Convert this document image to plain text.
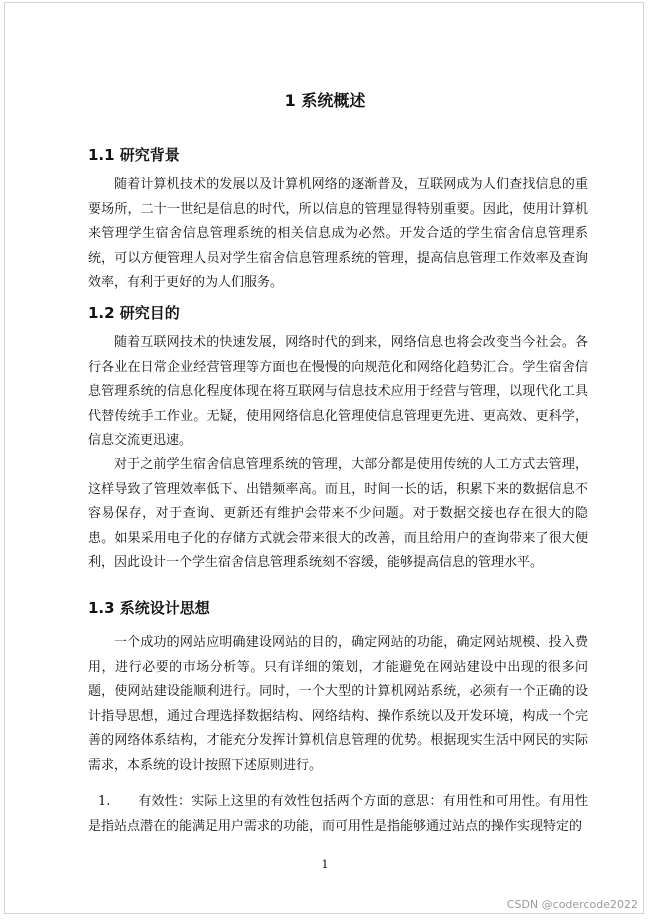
1 系统概述
1.1 研究背景

随着计算机技术的发展以及计算机网络的逐渐普及，互联网成为人们查找信息的重要场所，二十一世纪是信息的时代，所以信息的管理显得特别重要。因此，使用计算机来管理学生宿舍信息管理系统的相关信息成为必然。开发合适的学生宿舍信息管理系统，可以方便管理人员对学生宿舍信息管理系统的管理，提高信息管理工作效率及查询效率，有利于更好的为人们服务。

1.2 研究目的

随着互联网技术的快速发展，网络时代的到来，网络信息也将会改变当今社会。各行各业在日常企业经营管理等方面也在慢慢的向规范化和网络化趋势汇合。学生宿舍信息管理系统的信息化程度体现在将互联网与信息技术应用于经营与管理，以现代化工具代替传统手工作业。无疑，使用网络信息化管理使信息管理更先进、更高效、更科学，信息交流更迅速。

对于之前学生宿舍信息管理系统的管理，大部分都是使用传统的人工方式去管理，这样导致了管理效率低下、出错频率高。而且，时间一长的话，积累下来的数据信息不容易保存，对于查询、更新还有维护会带来不少问题。对于数据交接也存在很大的隐患。如果采用电子化的存储方式就会带来很大的改善，而且给用户的查询带来了很大便利，因此设计一个学生宿舍信息管理系统刻不容缓，能够提高信息的管理水平。

1.3 系统设计思想

一个成功的网站应明确建设网站的目的，确定网站的功能，确定网站规模、投入费用，进行必要的市场分析等。只有详细的策划，才能避免在网站建设中出现的很多问题，使网站建设能顺利进行。同时，一个大型的计算机网站系统，必须有一个正确的设计指导思想，通过合理选择数据结构、网络结构、操作系统以及开发环境，构成一个完善的网络体系结构，才能充分发挥计算机信息管理的优势。根据现实生活中网民的实际需求，本系统的设计按照下述原则进行。

1. 有效性：实际上这里的有效性包括两个方面的意思：有用性和可用性。有用性是指站点潜在的能满足用户需求的功能，而可用性是指能够通过站点的操作实现特定的

1
CSDN @codercode2022
